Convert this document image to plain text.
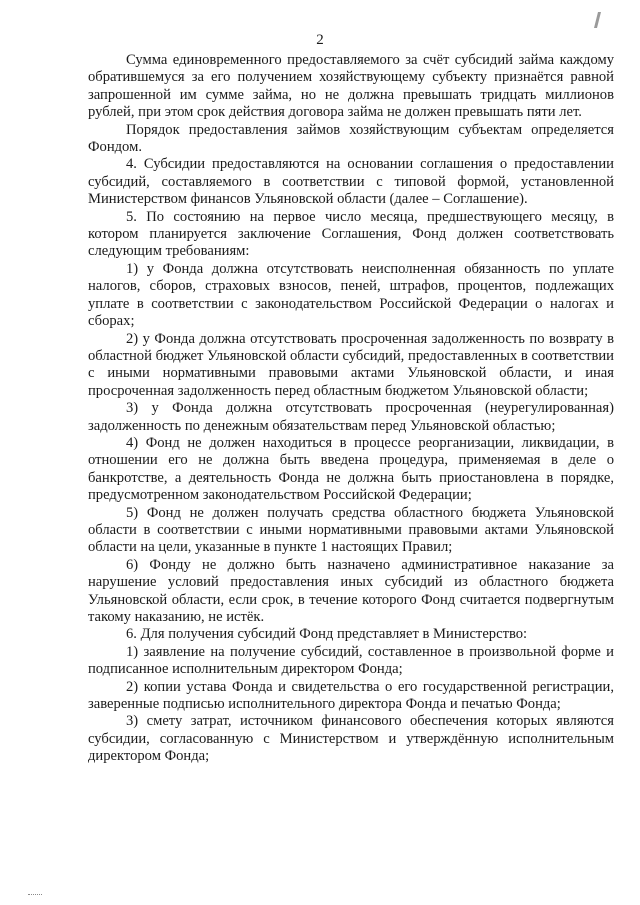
2

Сумма единовременного предоставляемого за счёт субсидий займа каждому обратившемуся за его получением хозяйствующему субъекту признаётся равной запрошенной им сумме займа, но не должна превышать тридцать миллионов рублей, при этом срок действия договора займа не должен превышать пяти лет.

Порядок предоставления займов хозяйствующим субъектам определяется Фондом.

4. Субсидии предоставляются на основании соглашения о предоставлении субсидий, составляемого в соответствии с типовой формой, установленной Министерством финансов Ульяновской области (далее – Соглашение).

5. По состоянию на первое число месяца, предшествующего месяцу, в котором планируется заключение Соглашения, Фонд должен соответствовать следующим требованиям:

1) у Фонда должна отсутствовать неисполненная обязанность по уплате налогов, сборов, страховых взносов, пеней, штрафов, процентов, подлежащих уплате в соответствии с законодательством Российской Федерации о налогах и сборах;

2) у Фонда должна отсутствовать просроченная задолженность по возврату в областной бюджет Ульяновской области субсидий, предоставленных в соответствии с иными нормативными правовыми актами Ульяновской области, и иная просроченная задолженность перед областным бюджетом Ульяновской области;

3) у Фонда должна отсутствовать просроченная (неурегулированная) задолженность по денежным обязательствам перед Ульяновской областью;

4) Фонд не должен находиться в процессе реорганизации, ликвидации, в отношении его не должна быть введена процедура, применяемая в деле о банкротстве, а деятельность Фонда не должна быть приостановлена в порядке, предусмотренном законодательством Российской Федерации;

5) Фонд не должен получать средства областного бюджета Ульяновской области в соответствии с иными нормативными правовыми актами Ульяновской области на цели, указанные в пункте 1 настоящих Правил;

6) Фонду не должно быть назначено административное наказание за нарушение условий предоставления иных субсидий из областного бюджета Ульяновской области, если срок, в течение которого Фонд считается подвергнутым такому наказанию, не истёк.

6. Для получения субсидий Фонд представляет в Министерство:

1) заявление на получение субсидий, составленное в произвольной форме и подписанное исполнительным директором Фонда;

2) копии устава Фонда и свидетельства о его государственной регистрации, заверенные подписью исполнительного директора Фонда и печатью Фонда;

3) смету затрат, источником финансового обеспечения которых являются субсидии, согласованную с Министерством и утверждённую исполнительным директором Фонда;
